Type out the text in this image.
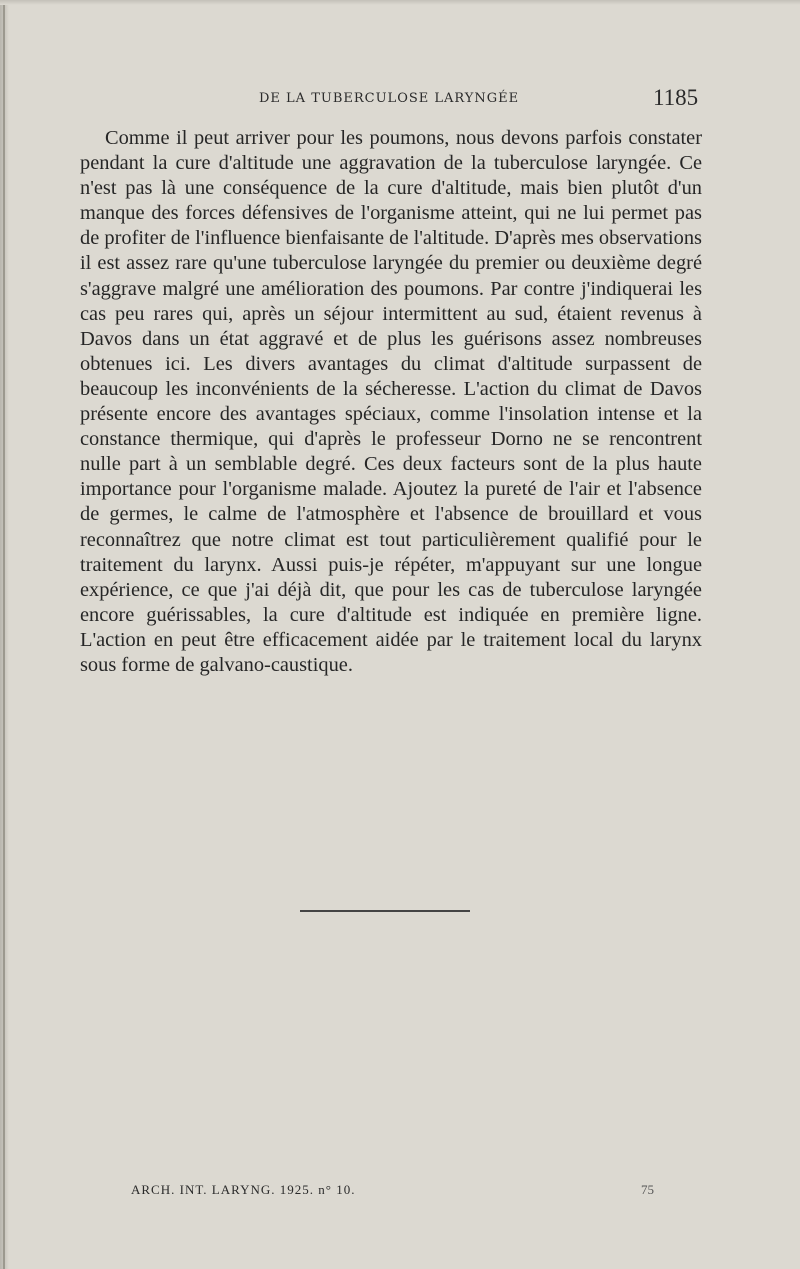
DE LA TUBERCULOSE LARYNGÉE	1185

Comme il peut arriver pour les poumons, nous devons parfois constater pendant la cure d'altitude une aggravation de la tuberculose laryngée. Ce n'est pas là une conséquence de la cure d'altitude, mais bien plutôt d'un manque des forces défensives de l'organisme atteint, qui ne lui permet pas de profiter de l'influence bienfaisante de l'altitude. D'après mes observations il est assez rare qu'une tuberculose laryngée du premier ou deuxième degré s'aggrave malgré une amélioration des poumons. Par contre j'indiquerai les cas peu rares qui, après un séjour intermittent au sud, étaient revenus à Davos dans un état aggravé et de plus les guérisons assez nombreuses obtenues ici. Les divers avantages du climat d'altitude surpassent de beaucoup les inconvénients de la sécheresse. L'action du climat de Davos présente encore des avantages spéciaux, comme l'insolation intense et la constance thermique, qui d'après le professeur Dorno ne se rencontrent nulle part à un semblable degré. Ces deux facteurs sont de la plus haute importance pour l'organisme malade. Ajoutez la pureté de l'air et l'absence de germes, le calme de l'atmosphère et l'absence de brouillard et vous reconnaîtrez que notre climat est tout particulièrement qualifié pour le traitement du larynx. Aussi puis-je répéter, m'appuyant sur une longue expérience, ce que j'ai déjà dit, que pour les cas de tuberculose laryngée encore guérissables, la cure d'altitude est indiquée en première ligne. L'action en peut être efficacement aidée par le traitement local du larynx sous forme de galvano-caustique.

ARCH. INT. LARYNG. 1925. n° 10.	75
